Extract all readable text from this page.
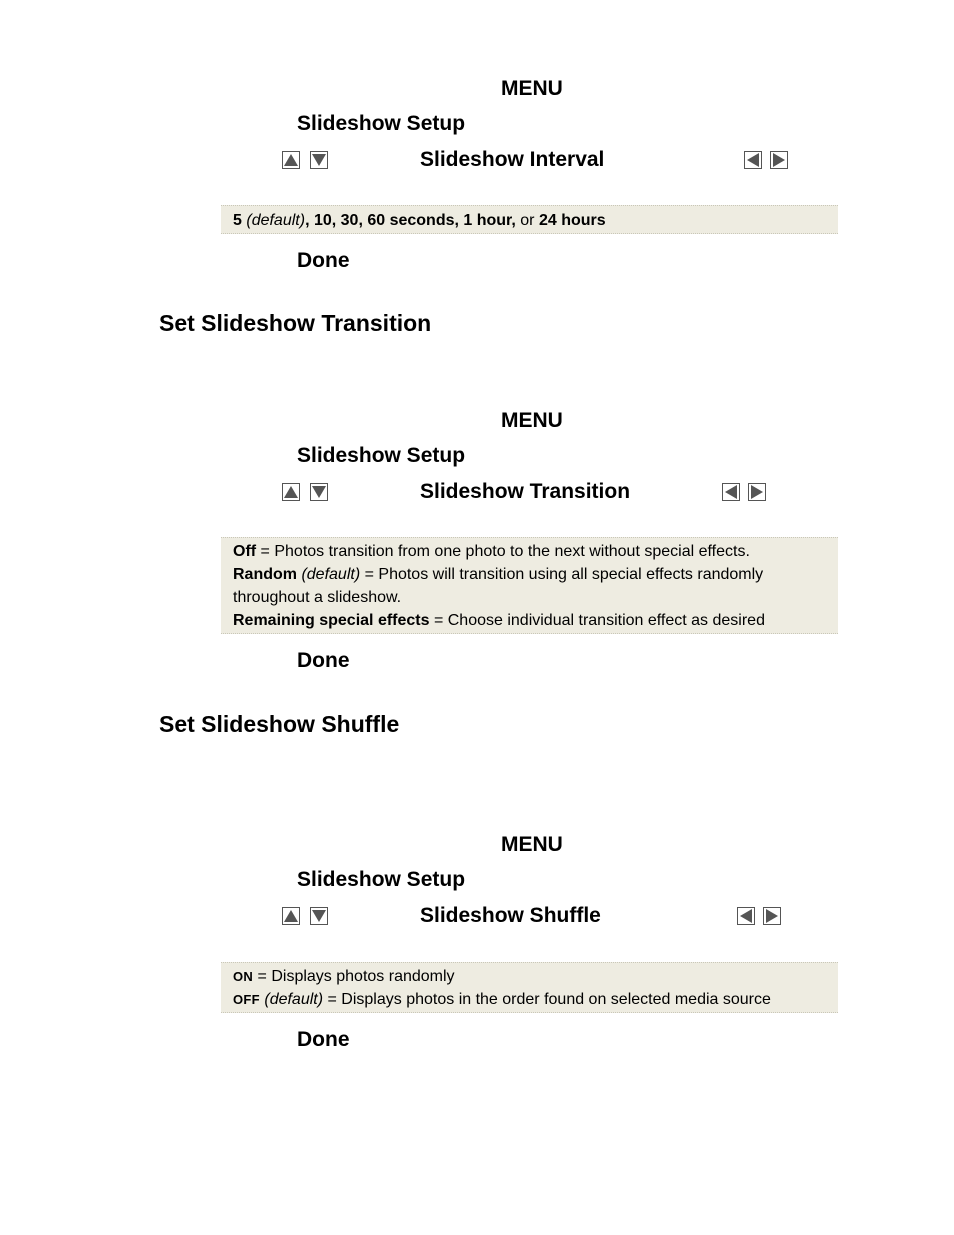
MENU
Slideshow Setup
Slideshow Interval
5 (default), 10, 30, 60 seconds, 1 hour, or 24 hours
Done
Set Slideshow Transition
MENU
Slideshow Setup
Slideshow Transition
Off = Photos transition from one photo to the next without special effects.
Random (default) = Photos will transition using all special effects randomly
throughout a slideshow.
Remaining special effects = Choose individual transition effect as desired
Done
Set Slideshow Shuffle
MENU
Slideshow Setup
Slideshow Shuffle
ON = Displays photos randomly
OFF (default) = Displays photos in the order found on selected media source
Done
